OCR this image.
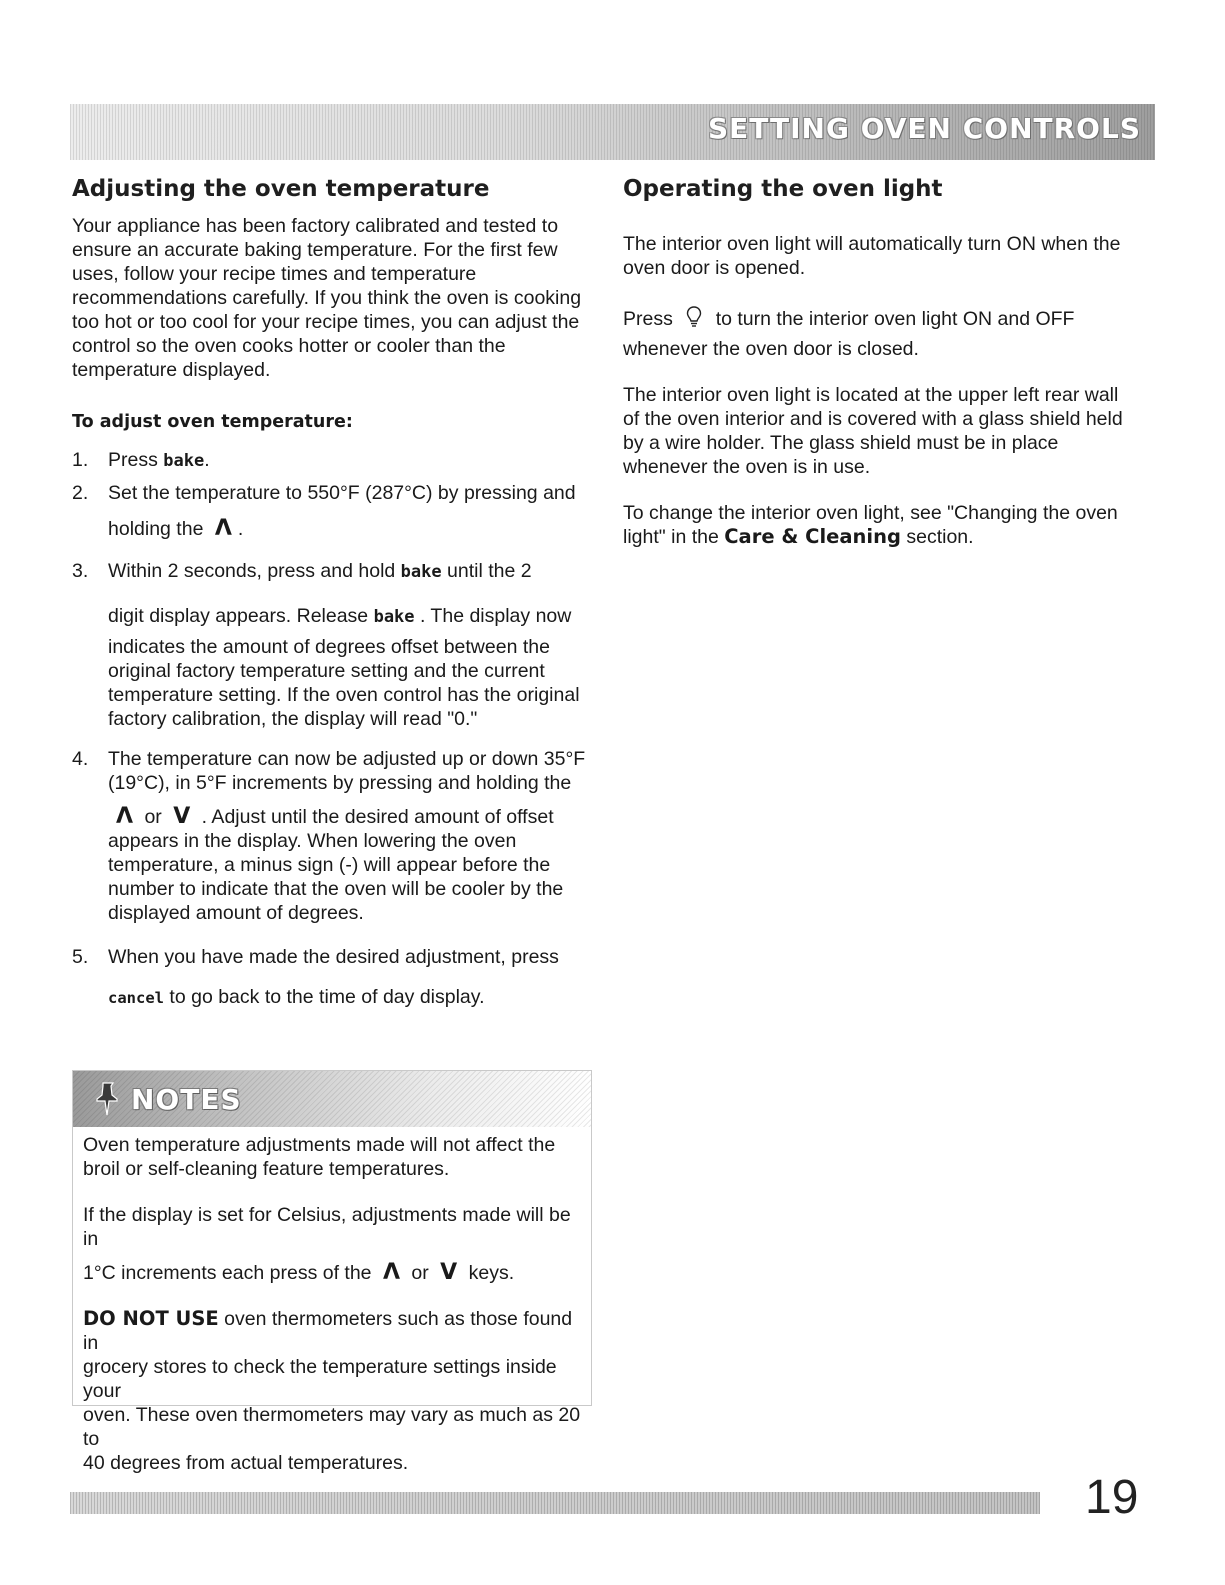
SETTING OVEN CONTROLS
Adjusting the oven temperature
Your appliance has been factory calibrated and tested to
ensure an accurate baking temperature. For the first few
uses, follow your recipe times and temperature
recommendations carefully. If you think the oven is cooking
too hot or too cool for your recipe times, you can adjust the
control so the oven cooks hotter or cooler than the
temperature displayed.

To adjust oven temperature:

1. Press bake.
2. Set the temperature to 550°F (287°C) by pressing and
holding the Λ .
3. Within 2 seconds, press and hold bake until the 2
digit display appears. Release bake . The display now
indicates the amount of degrees offset between the
original factory temperature setting and the current
temperature setting. If the oven control has the original
factory calibration, the display will read "0."
4. The temperature can now be adjusted up or down 35°F
(19°C), in 5°F increments by pressing and holding the
Λ or V . Adjust until the desired amount of offset
appears in the display. When lowering the oven
temperature, a minus sign (-) will appear before the
number to indicate that the oven will be cooler by the
displayed amount of degrees.
5. When you have made the desired adjustment, press
cancel to go back to the time of day display.
NOTES
Oven temperature adjustments made will not affect the
broil or self-cleaning feature temperatures.
If the display is set for Celsius, adjustments made will be in
1°C increments each press of the Λ or V keys.
DO NOT USE oven thermometers such as those found in
grocery stores to check the temperature settings inside your
oven. These oven thermometers may vary as much as 20 to
40 degrees from actual temperatures.
Operating the oven light
The interior oven light will automatically turn ON when the
oven door is opened.
Press to turn the interior oven light ON and OFF
whenever the oven door is closed.
The interior oven light is located at the upper left rear wall
of the oven interior and is covered with a glass shield held
by a wire holder. The glass shield must be in place
whenever the oven is in use.
To change the interior oven light, see "Changing the oven
light" in the Care & Cleaning section.
19
